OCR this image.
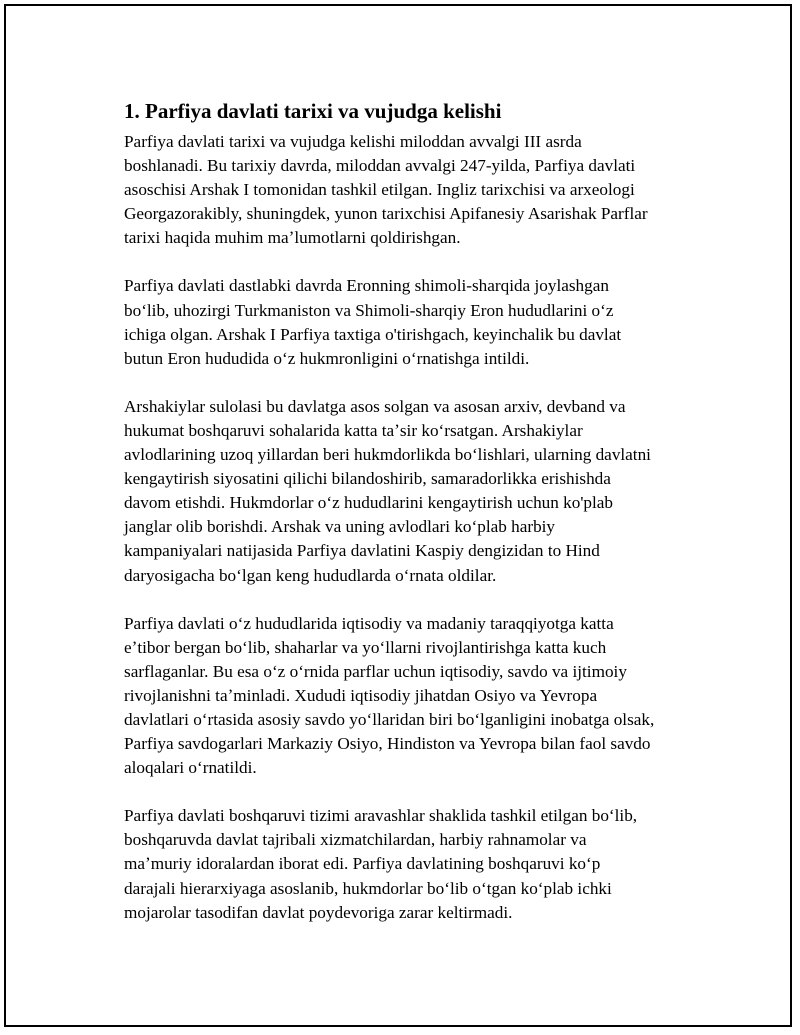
1. Parfiya davlati tarixi va vujudga kelishi

Parfiya davlati tarixi va vujudga kelishi miloddan avvalgi III asrda
boshlanadi. Bu tarixiy davrda, miloddan avvalgi 247-yilda, Parfiya davlati
asoschisi Arshak I tomonidan tashkil etilgan. Ingliz tarixchisi va arxeologi
Georgazorakibly, shuningdek, yunon tarixchisi Apifanesiy Asarishak Parflar
tarixi haqida muhim maʼlumotlarni qoldirishgan.

Parfiya davlati dastlabki davrda Eronning shimoli-sharqida joylashgan
boʻlib, uhozirgi Turkmaniston va Shimoli-sharqiy Eron hududlarini oʻz
ichiga olgan. Arshak I Parfiya taxtiga o'tirishgach, keyinchalik bu davlat
butun Eron hududida oʻz hukmronligini oʻrnatishga intildi.

Arshakiylar sulolasi bu davlatga asos solgan va asosan arxiv, devband va
hukumat boshqaruvi sohalarida katta taʼsir koʻrsatgan. Arshakiylar
avlodlarining uzoq yillardan beri hukmdorlikda boʻlishlari, ularning davlatni
kengaytirish siyosatini qilichi bilandoshirib, samaradorlikka erishishda
davom etishdi. Hukmdorlar oʻz hududlarini kengaytirish uchun ko'plab
janglar olib borishdi. Arshak va uning avlodlari koʻplab harbiy
kampaniyalari natijasida Parfiya davlatini Kaspiy dengizidan to Hind
daryosigacha boʻlgan keng hududlarda oʻrnata oldilar.

Parfiya davlati oʻz hududlarida iqtisodiy va madaniy taraqqiyotga katta
eʼtibor bergan boʻlib, shaharlar va yoʻllarni rivojlantirishga katta kuch
sarflaganlar. Bu esa oʻz oʻrnida parflar uchun iqtisodiy, savdo va ijtimoiy
rivojlanishni taʼminladi. Xududi iqtisodiy jihatdan Osiyo va Yevropa
davlatlari oʻrtasida asosiy savdo yoʻllaridan biri boʻlganligini inobatga olsak,
Parfiya savdogarlari Markaziy Osiyo, Hindiston va Yevropa bilan faol savdo
aloqalari oʻrnatildi.

Parfiya davlati boshqaruvi tizimi aravashlar shaklida tashkil etilgan boʻlib,
boshqaruvda davlat tajribali xizmatchilardan, harbiy rahnamolar va
maʼmuriy idoralardan iborat edi. Parfiya davlatining boshqaruvi koʻp
darajali hierarxiyaga asoslanib, hukmdorlar boʻlib oʻtgan koʻplab ichki
mojarolar tasodifan davlat poydevoriga zarar keltirmadi.
